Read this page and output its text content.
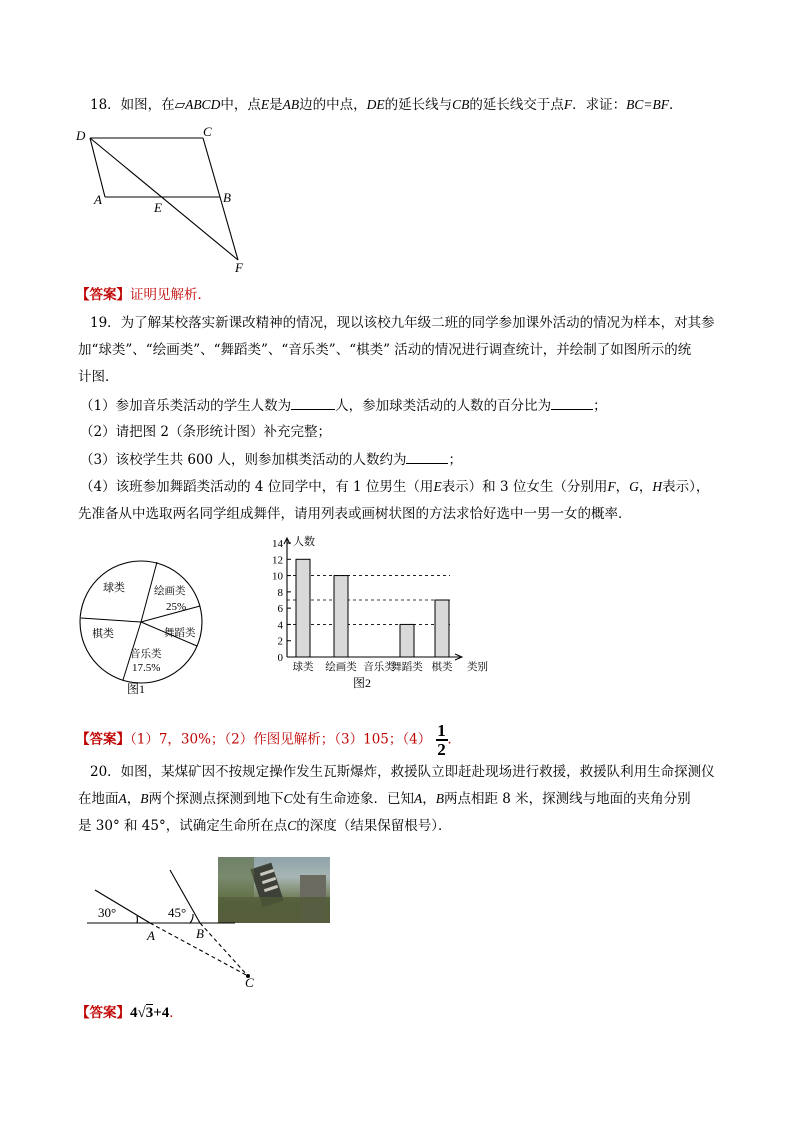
18．如图，在▱ABCD中，点E是AB边的中点，DE的延长线与CB的延长线交于点F．求证：BC=BF．
D	C
A
E
B
F
【答案】证明见解析．
19．为了解某校落实新课改精神的情况，现以该校九年级二班的同学参加课外活动的情况为样本，对其参
加“球类”、“绘画类”、“舞蹈类”、“音乐类”、“棋类” 活动的情况进行调查统计，并绘制了如图所示的统
计图．
（1）参加音乐类活动的学生人数为	人，参加球类活动的人数的百分比为	；
（2）请把图 2（条形统计图）补充完整；
（3）该校学生共 600 人，则参加棋类活动的人数约为	；
（4）该班参加舞蹈类活动的 4 位同学中，有 1 位男生（用E表示）和 3 位女生（分别用F，G，H表示），
先准备从中选取两名同学组成舞伴，请用列表或画树状图的方法求恰好选中一男一女的概率．
球类	绘画类
25%
棋类	舞蹈类
音乐类
17.5%
图1
0
2
4
6
8
10
12
14 人数
球类 绘画类 音乐类
舞蹈类 棋类 类别
图2
【答案】（1）7，30%；（2）作图见解析；（3）105；$(4) \frac{1}{2}$ ．
20．如图，某煤矿因不按规定操作发生瓦斯爆炸，救援队立即赶赴现场进行救援，救援队利用生命探测仪
在地面A，B两个探测点探测到地下C处有生命迹象．已知A，B两点相距 8 米，探测线与地面的夹角分别
是 30° 和 45°，试确定生命所在点C的深度（结果保留根号）．
30°	45°
A	B
C
【答案】4√3+4．
